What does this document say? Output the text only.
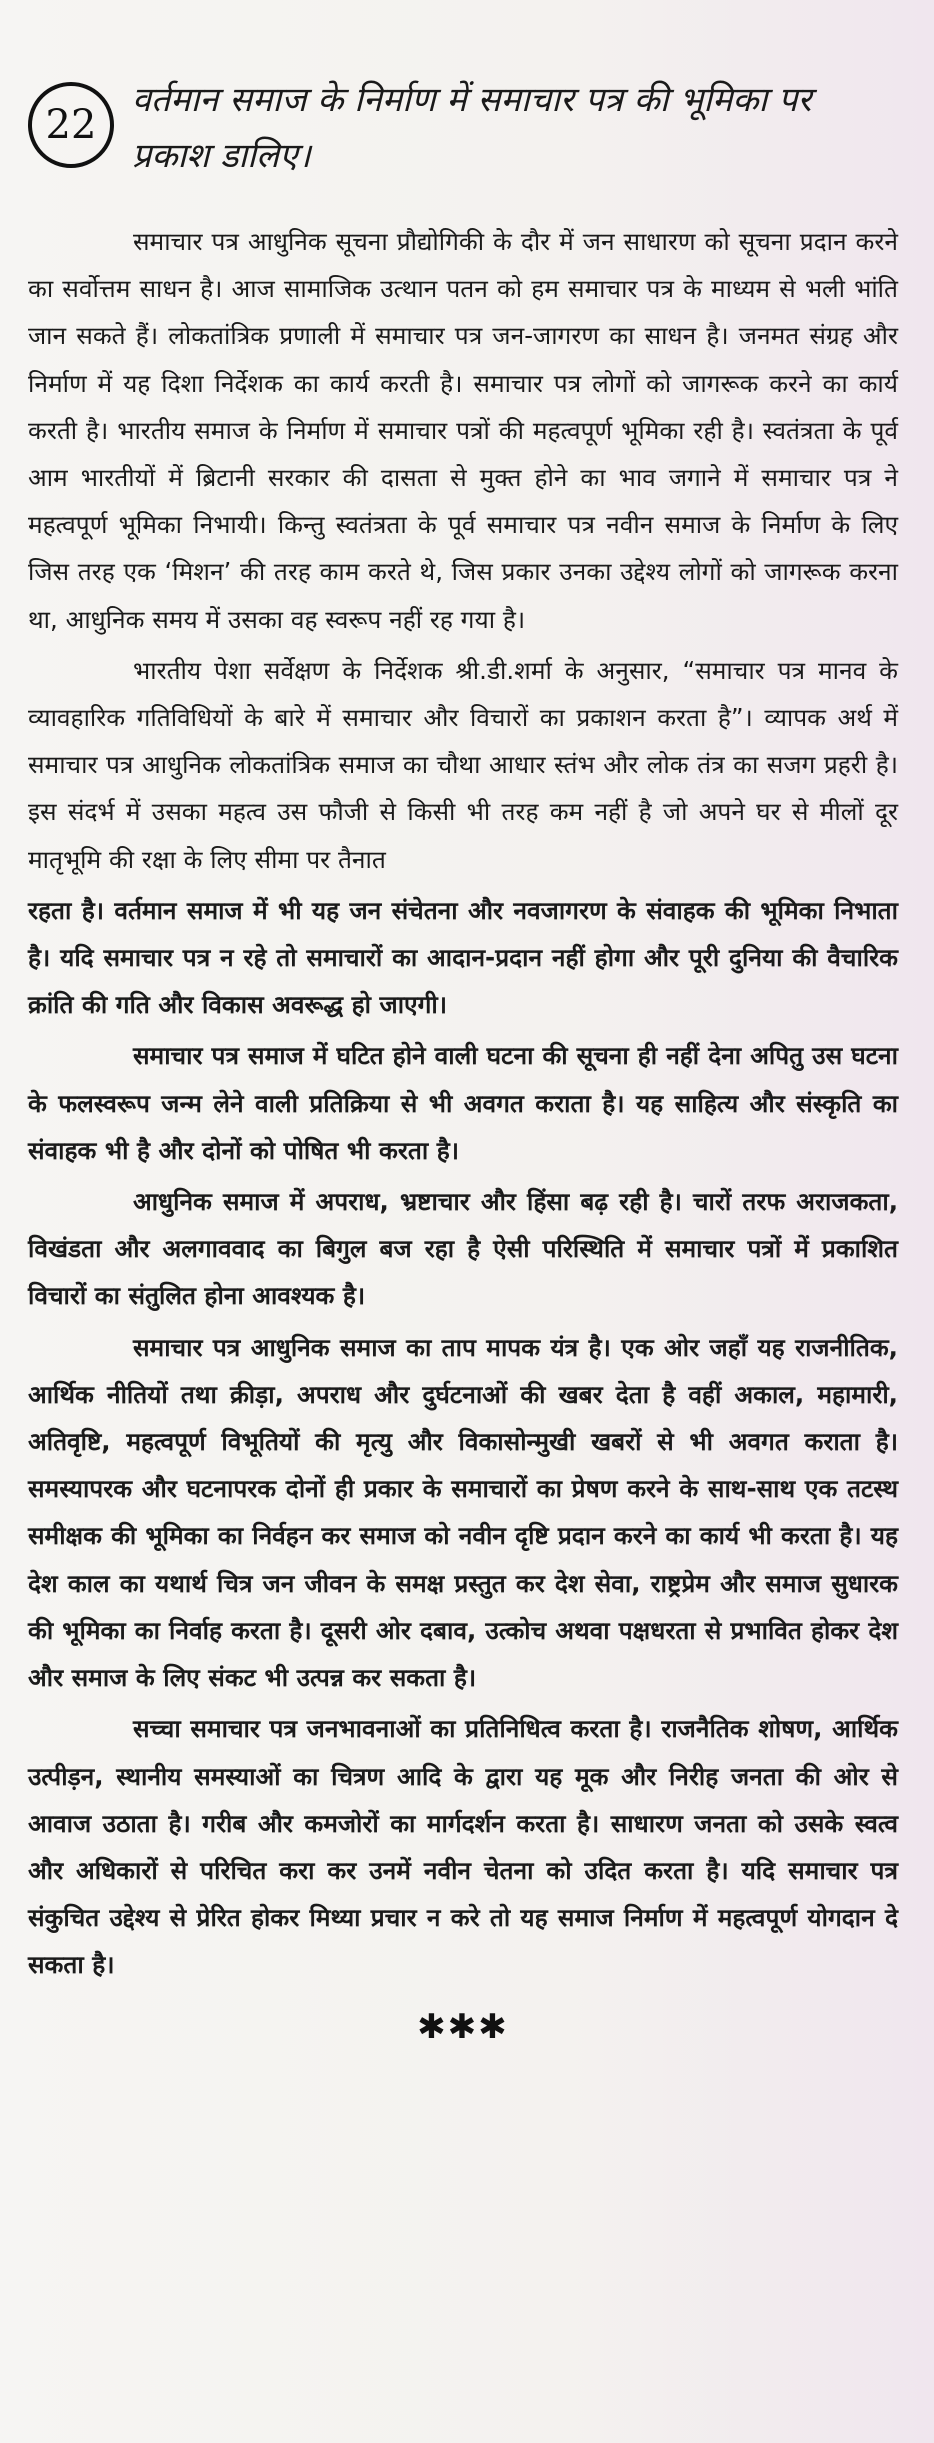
22
वर्तमान समाज के निर्माण में समाचार पत्र की भूमिका पर प्रकाश डालिए।

समाचार पत्र आधुनिक सूचना प्रौद्योगिकी के दौर में जन साधारण को सूचना प्रदान करने का सर्वोत्तम साधन है। आज सामाजिक उत्थान पतन को हम समाचार पत्र के माध्यम से भली भांति जान सकते हैं। लोकतांत्रिक प्रणाली में समाचार पत्र जन-जागरण का साधन है। जनमत संग्रह और निर्माण में यह दिशा निर्देशक का कार्य करती है। समाचार पत्र लोगों को जागरूक करने का कार्य करती है। भारतीय समाज के निर्माण में समाचार पत्रों की महत्वपूर्ण भूमिका रही है। स्वतंत्रता के पूर्व आम भारतीयों में ब्रिटानी सरकार की दासता से मुक्त होने का भाव जगाने में समाचार पत्र ने महत्वपूर्ण भूमिका निभायी। किन्तु स्वतंत्रता के पूर्व समाचार पत्र नवीन समाज के निर्माण के लिए जिस तरह एक ‘मिशन’ की तरह काम करते थे, जिस प्रकार उनका उद्देश्य लोगों को जागरूक करना था, आधुनिक समय में उसका वह स्वरूप नहीं रह गया है।

भारतीय पेशा सर्वेक्षण के निर्देशक श्री.डी.शर्मा के अनुसार, “समाचार पत्र मानव के व्यावहारिक गतिविधियों के बारे में समाचार और विचारों का प्रकाशन करता है”। व्यापक अर्थ में समाचार पत्र आधुनिक लोकतांत्रिक समाज का चौथा आधार स्तंभ और लोक तंत्र का सजग प्रहरी है। इस संदर्भ में उसका महत्व उस फौजी से किसी भी तरह कम नहीं है जो अपने घर से मीलों दूर मातृभूमि की रक्षा के लिए सीमा पर तैनात

रहता है। वर्तमान समाज में भी यह जन संचेतना और नवजागरण के संवाहक की भूमिका निभाता है। यदि समाचार पत्र न रहे तो समाचारों का आदान-प्रदान नहीं होगा और पूरी दुनिया की वैचारिक क्रांति की गति और विकास अवरूद्ध हो जाएगी।

समाचार पत्र समाज में घटित होने वाली घटना की सूचना ही नहीं देना अपितु उस घटना के फलस्वरूप जन्म लेने वाली प्रतिक्रिया से भी अवगत कराता है। यह साहित्य और संस्कृति का संवाहक भी है और दोनों को पोषित भी करता है।

आधुनिक समाज में अपराध, भ्रष्टाचार और हिंसा बढ़ रही है। चारों तरफ अराजकता, विखंडता और अलगाववाद का बिगुल बज रहा है ऐसी परिस्थिति में समाचार पत्रों में प्रकाशित विचारों का संतुलित होना आवश्यक है।

समाचार पत्र आधुनिक समाज का ताप मापक यंत्र है। एक ओर जहाँ यह राजनीतिक, आर्थिक नीतियों तथा क्रीड़ा, अपराध और दुर्घटनाओं की खबर देता है वहीं अकाल, महामारी, अतिवृष्टि, महत्वपूर्ण विभूतियों की मृत्यु और विकासोन्मुखी खबरों से भी अवगत कराता है। समस्यापरक और घटनापरक दोनों ही प्रकार के समाचारों का प्रेषण करने के साथ-साथ एक तटस्थ समीक्षक की भूमिका का निर्वहन कर समाज को नवीन दृष्टि प्रदान करने का कार्य भी करता है। यह देश काल का यथार्थ चित्र जन जीवन के समक्ष प्रस्तुत कर देश सेवा, राष्ट्रप्रेम और समाज सुधारक की भूमिका का निर्वाह करता है। दूसरी ओर दबाव, उत्कोच अथवा पक्षधरता से प्रभावित होकर देश और समाज के लिए संकट भी उत्पन्न कर सकता है।

सच्चा समाचार पत्र जनभावनाओं का प्रतिनिधित्व करता है। राजनैतिक शोषण, आर्थिक उत्पीड़न, स्थानीय समस्याओं का चित्रण आदि के द्वारा यह मूक और निरीह जनता की ओर से आवाज उठाता है। गरीब और कमजोरों का मार्गदर्शन करता है। साधारण जनता को उसके स्वत्व और अधिकारों से परिचित करा कर उनमें नवीन चेतना को उदित करता है। यदि समाचार पत्र संकुचित उद्देश्य से प्रेरित होकर मिथ्या प्रचार न करे तो यह समाज निर्माण में महत्वपूर्ण योगदान दे सकता है।

✱✱✱
